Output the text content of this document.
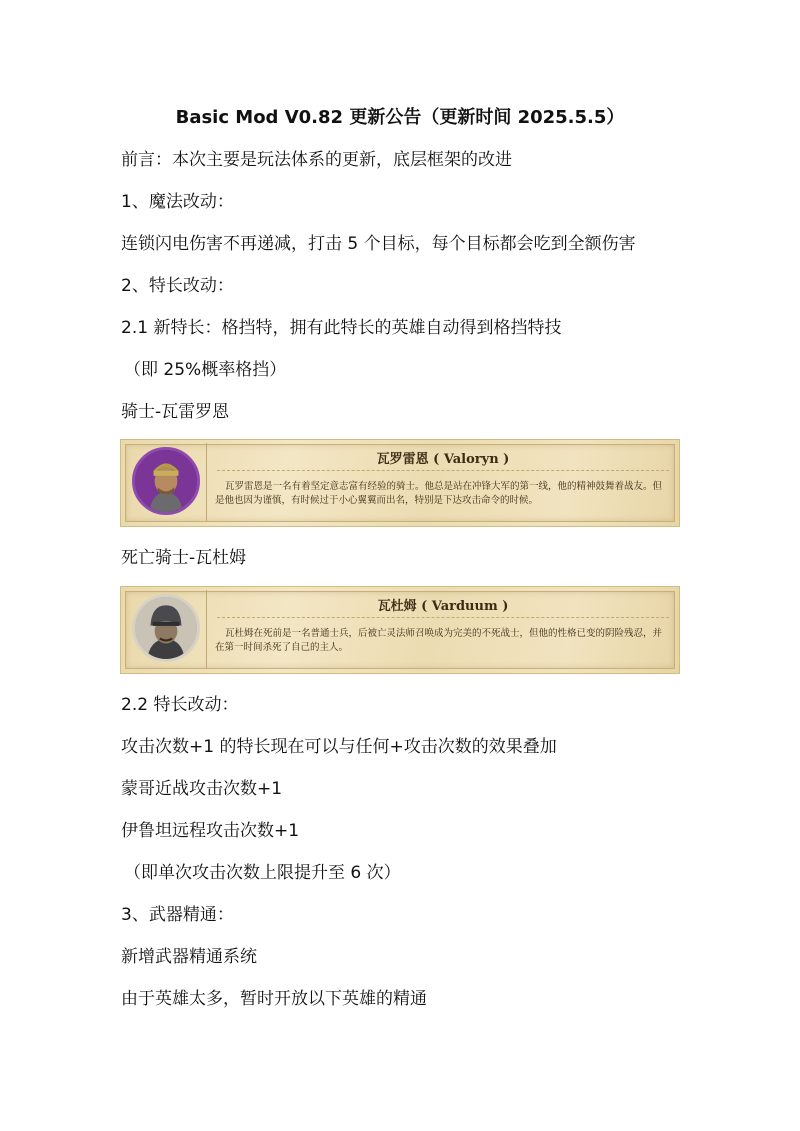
Basic Mod V0.82 更新公告（更新时间 2025.5.5）
前言：本次主要是玩法体系的更新，底层框架的改进
1、魔法改动：
连锁闪电伤害不再递减，打击 5 个目标，每个目标都会吃到全额伤害
2、特长改动：
2.1 新特长：格挡特，拥有此特长的英雄自动得到格挡特技
（即 25%概率格挡）
骑士-瓦雷罗恩
瓦罗雷恩 ( Valoryn )
瓦罗雷恩是一名有着坚定意志富有经验的骑士。他总是站在冲锋大军的第一线，他的精神鼓舞着战友。但是他也因为谨慎，有时候过于小心翼翼而出名，特别是下达攻击命令的时候。
死亡骑士-瓦杜姆
瓦杜姆 ( Varduum )
瓦杜姆在死前是一名普通士兵，后被亡灵法师召唤成为完美的不死战士，但他的性格已变的阴险残忍，并在第一时间杀死了自己的主人。
2.2 特长改动：
攻击次数+1 的特长现在可以与任何+攻击次数的效果叠加
蒙哥近战攻击次数+1
伊鲁坦远程攻击次数+1
（即单次攻击次数上限提升至 6 次）
3、武器精通：
新增武器精通系统
由于英雄太多，暂时开放以下英雄的精通
